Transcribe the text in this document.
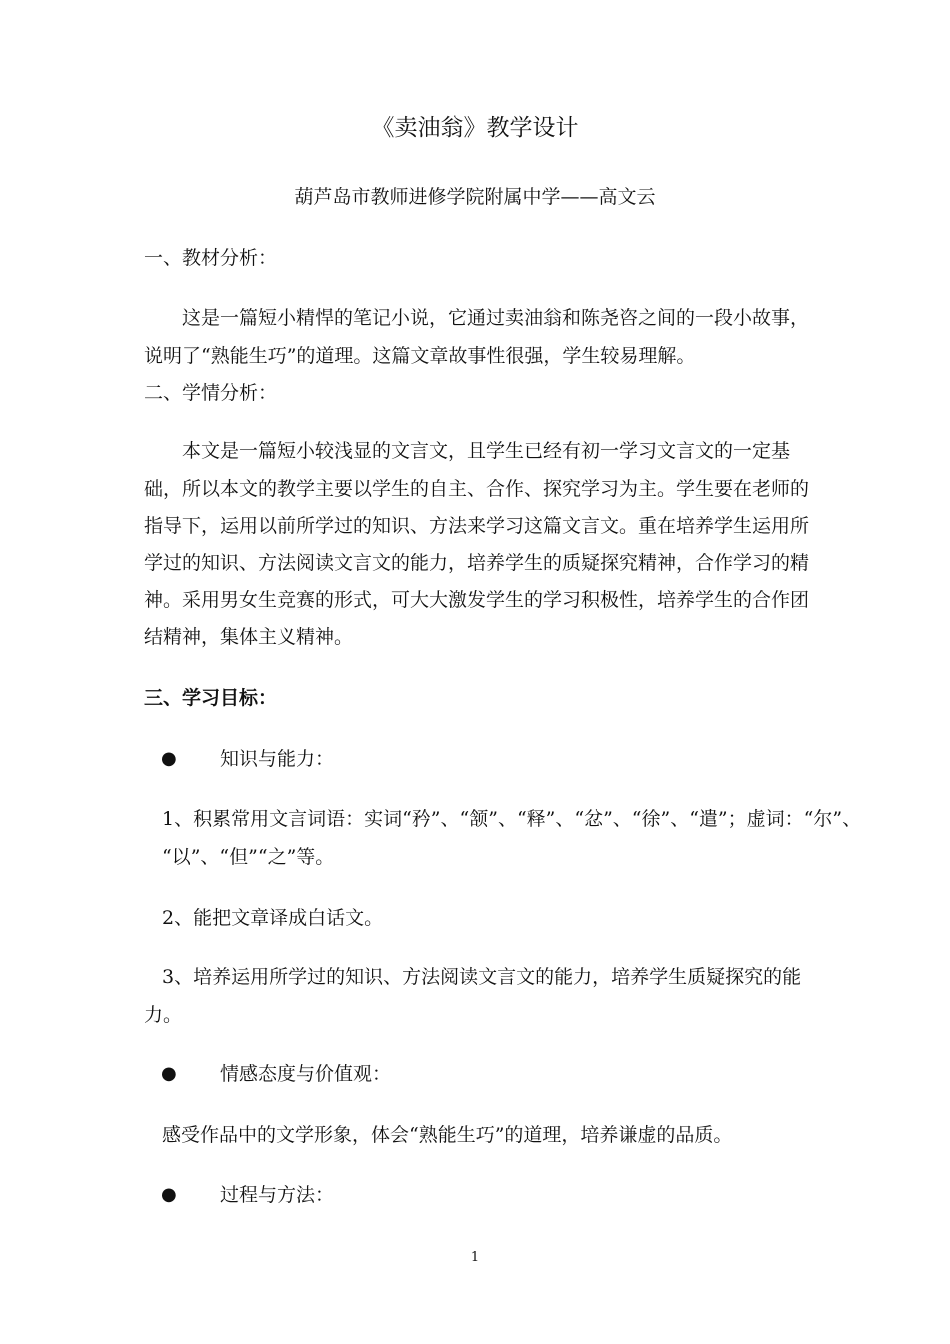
《卖油翁》教学设计
葫芦岛市教师进修学院附属中学——高文云
一、教材分析：
这是一篇短小精悍的笔记小说，它通过卖油翁和陈尧咨之间的一段小故事，
说明了“熟能生巧”的道理。这篇文章故事性很强，学生较易理解。
二、学情分析：
本文是一篇短小较浅显的文言文，且学生已经有初一学习文言文的一定基
础，所以本文的教学主要以学生的自主、合作、探究学习为主。学生要在老师的
指导下，运用以前所学过的知识、方法来学习这篇文言文。重在培养学生运用所
学过的知识、方法阅读文言文的能力，培养学生的质疑探究精神，合作学习的精
神。采用男女生竞赛的形式，可大大激发学生的学习积极性，培养学生的合作团
结精神，集体主义精神。
三、学习目标：
● 知识与能力：
1、积累常用文言词语：实词“矜”、“颔”、“释”、“忿”、“徐”、“遣”；虚词：“尔”、
“以”、“但”“之”等。
2、能把文章译成白话文。
3、培养运用所学过的知识、方法阅读文言文的能力，培养学生质疑探究的能
力。
● 情感态度与价值观：
感受作品中的文学形象，体会“熟能生巧”的道理，培养谦虚的品质。
● 过程与方法：
1
